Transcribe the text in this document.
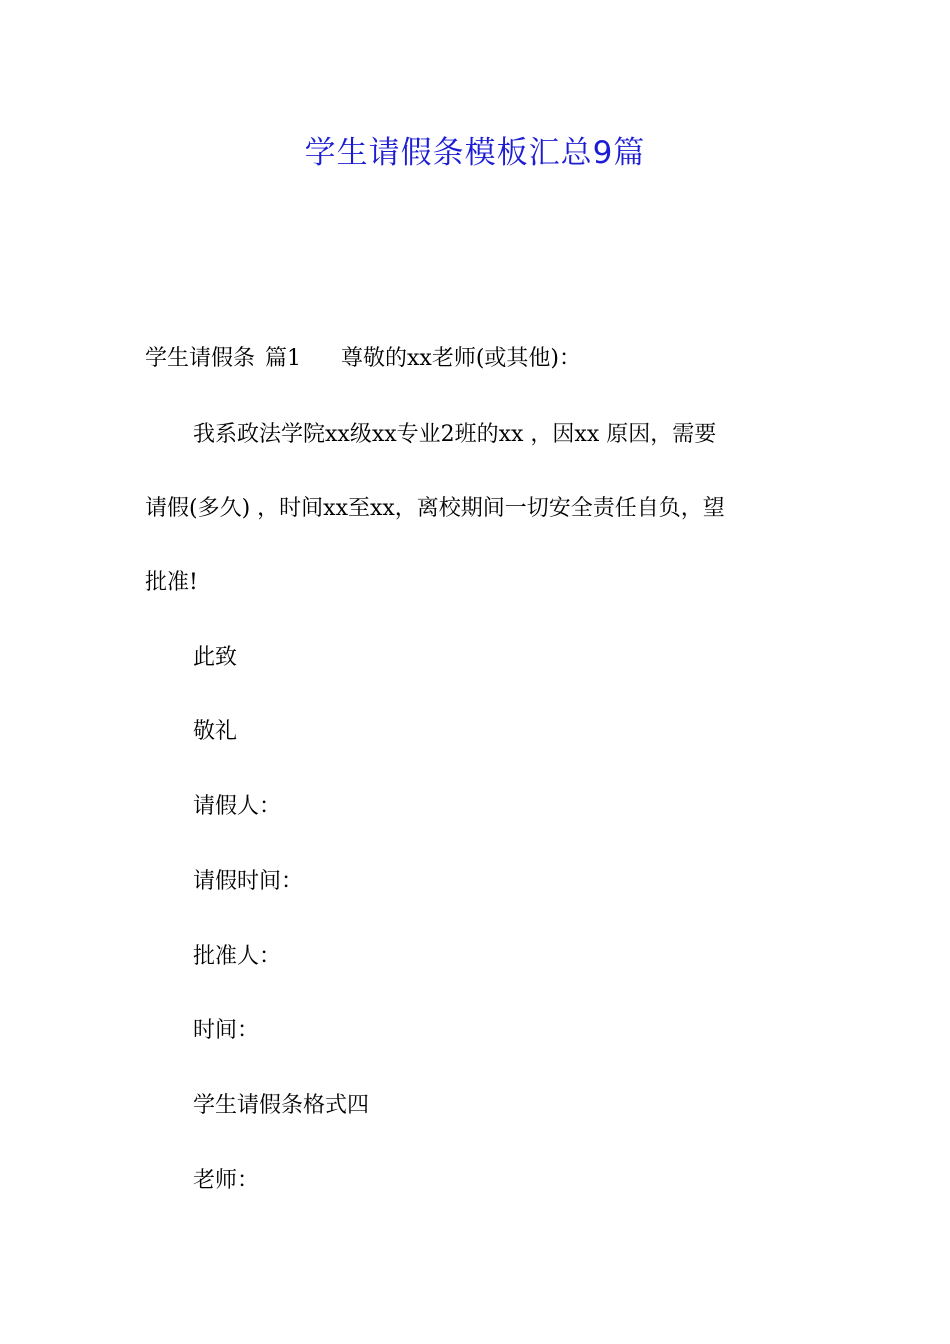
学生请假条模板汇总9篇
学生请假条 篇1 尊敬的xx老师(或其他)：
我系政法学院xx级xx专业2班的xx ，因xx 原因，需要
请假(多久) ，时间xx至xx，离校期间一切安全责任自负，望
批准!
此致
敬礼
请假人：
请假时间：
批准人：
时间：
学生请假条格式四
老师：
